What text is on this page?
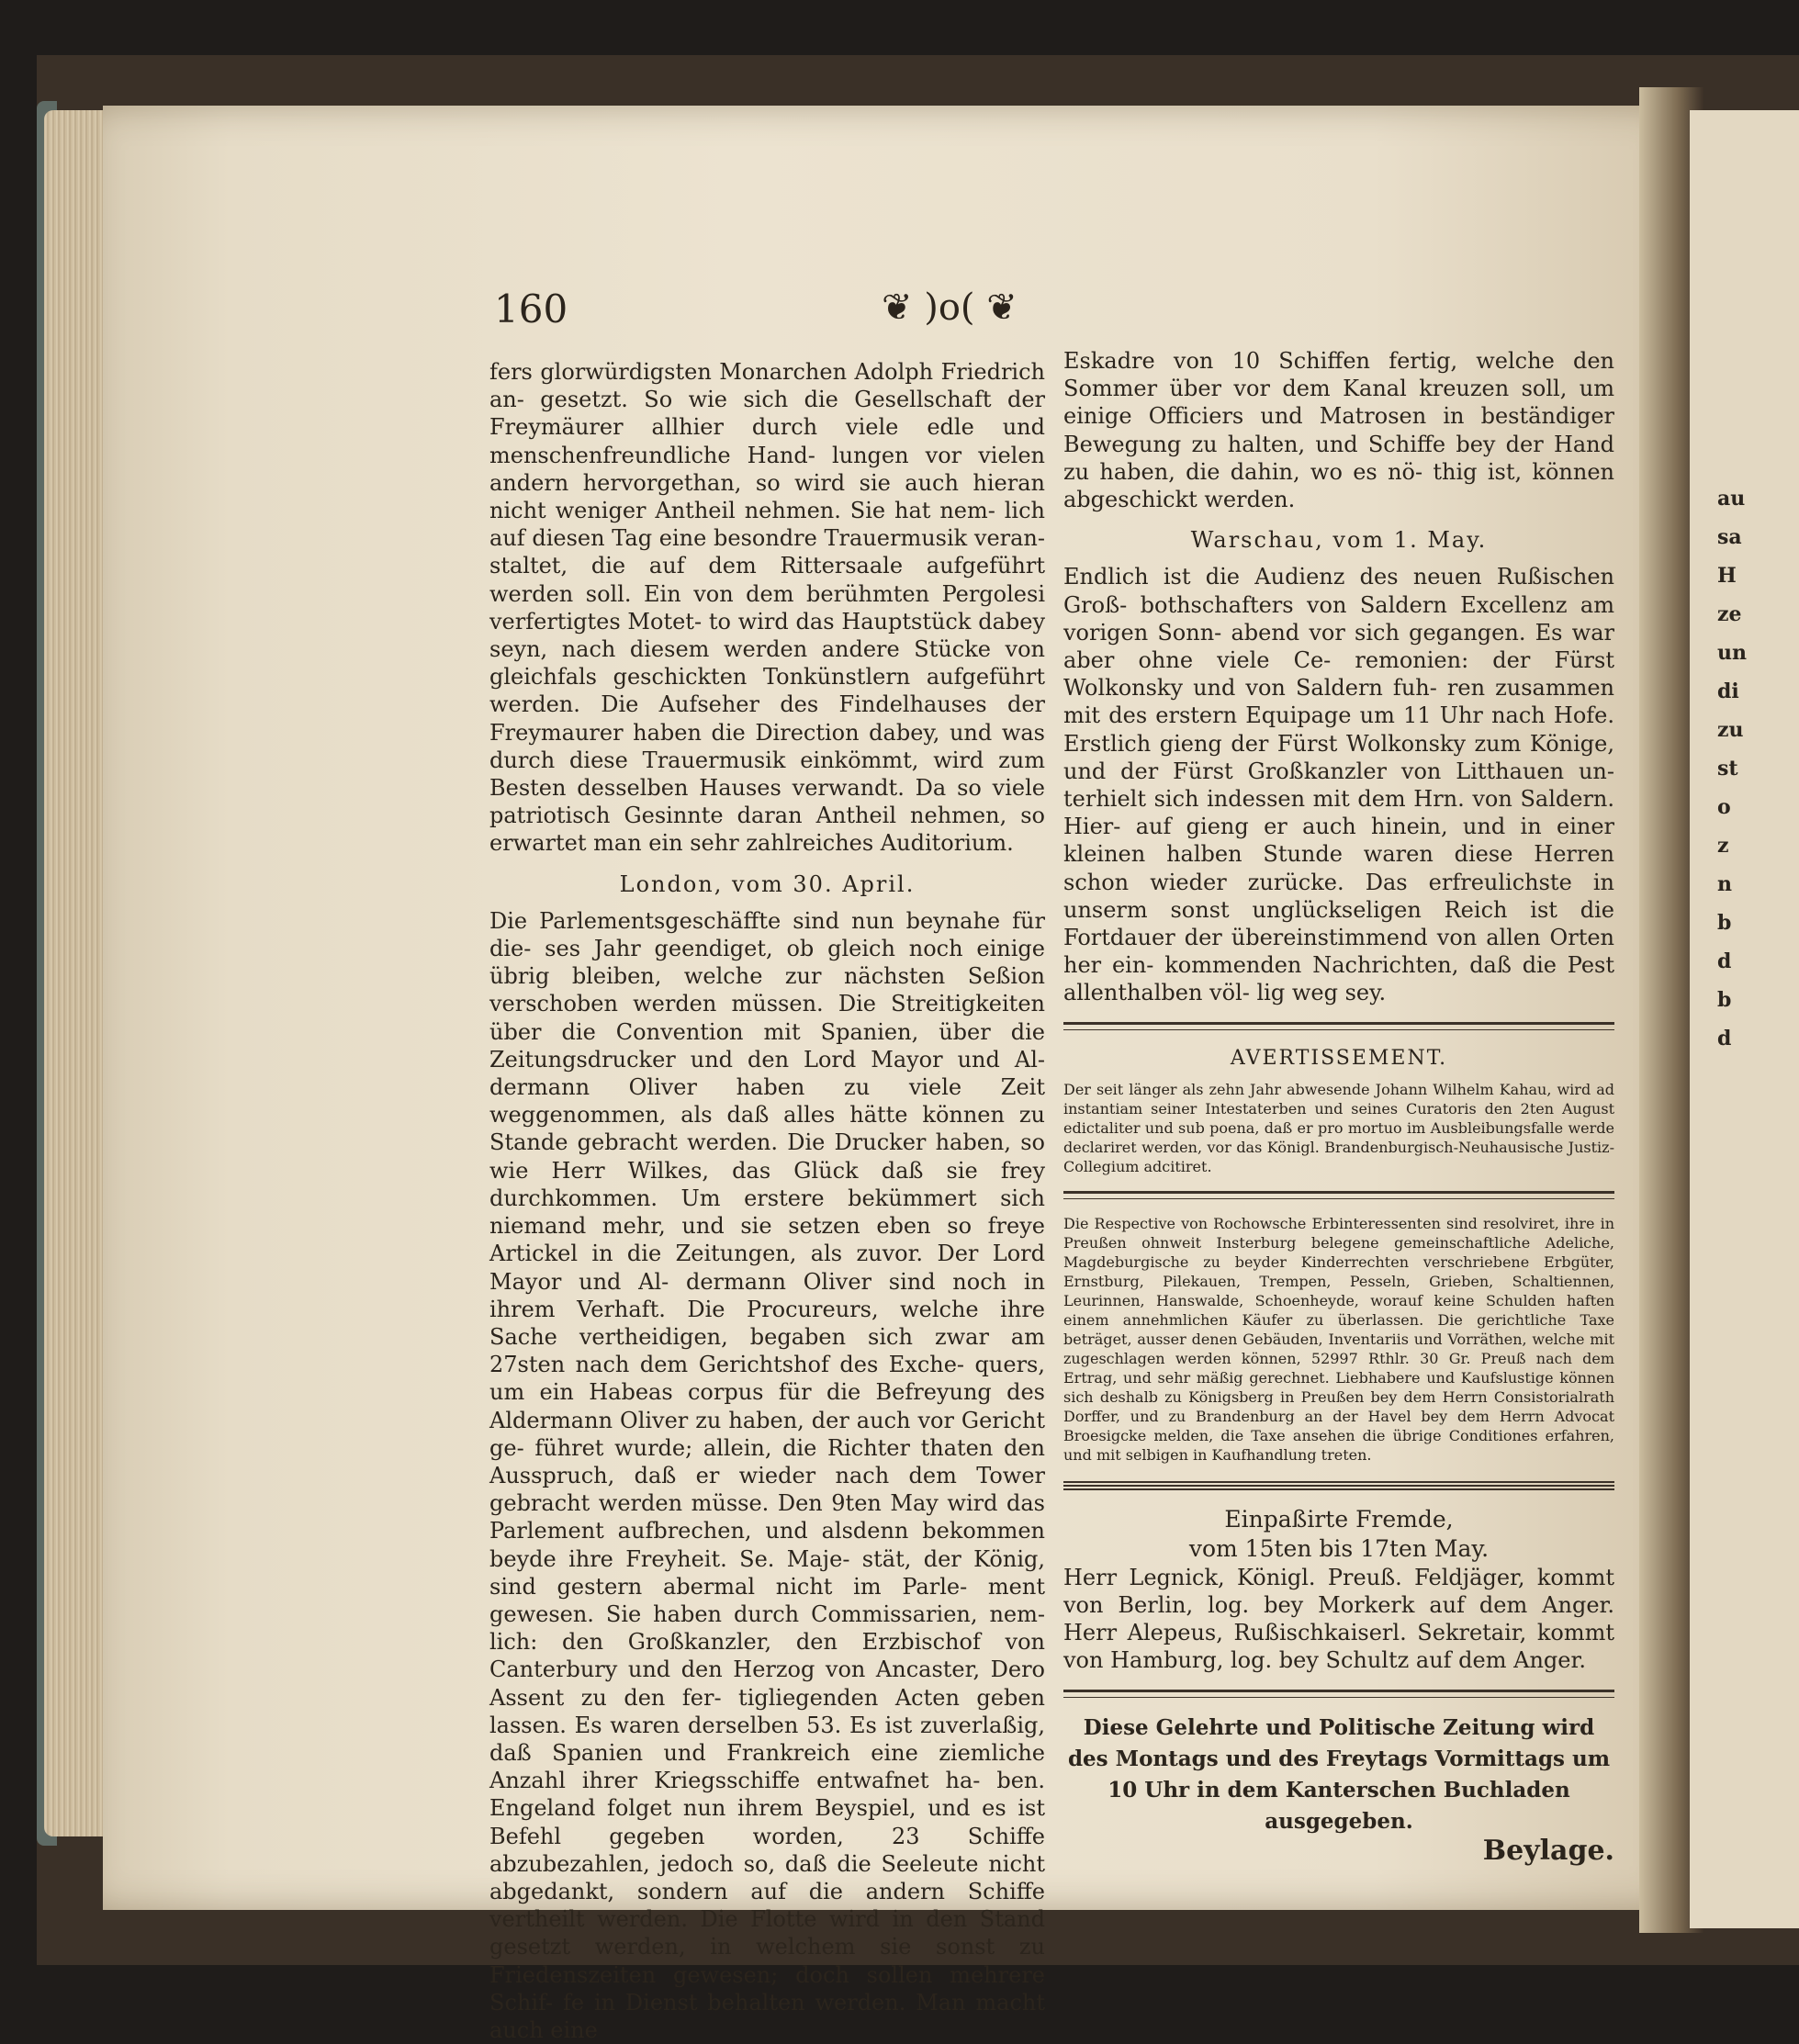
au
sa
H
ze
un
di
zu
st
o
z
n
b
d
b
d
160	❦ )o( ❦

fers glorwürdigsten Monarchen Adolph Friedrich an- gesetzt. So wie sich die Gesellschaft der Freymäurer allhier durch viele edle und menschenfreundliche Hand- lungen vor vielen andern hervorgethan, so wird sie auch hieran nicht weniger Antheil nehmen. Sie hat nem- lich auf diesen Tag eine besondre Trauermusik veran- staltet, die auf dem Rittersaale aufgeführt werden soll. Ein von dem berühmten Pergolesi verfertigtes Motet- to wird das Hauptstück dabey seyn, nach diesem werden andere Stücke von gleichfals geschickten Tonkünstlern aufgeführt werden. Die Aufseher des Findelhauses der Freymaurer haben die Direction dabey, und was durch diese Trauermusik einkömmt, wird zum Besten desselben Hauses verwandt. Da so viele patriotisch Gesinnte daran Antheil nehmen, so erwartet man ein sehr zahlreiches Auditorium.

London, vom 30. April.

Die Parlementsgeschäffte sind nun beynahe für die- ses Jahr geendiget, ob gleich noch einige übrig bleiben, welche zur nächsten Seßion verschoben werden müssen. Die Streitigkeiten über die Convention mit Spanien, über die Zeitungsdrucker und den Lord Mayor und Al- dermann Oliver haben zu viele Zeit weggenommen, als daß alles hätte können zu Stande gebracht werden. Die Drucker haben, so wie Herr Wilkes, das Glück daß sie frey durchkommen. Um erstere bekümmert sich niemand mehr, und sie setzen eben so freye Artickel in die Zeitungen, als zuvor. Der Lord Mayor und Al- dermann Oliver sind noch in ihrem Verhaft. Die Procureurs, welche ihre Sache vertheidigen, begaben sich zwar am 27sten nach dem Gerichtshof des Exche- quers, um ein Habeas corpus für die Befreyung des Aldermann Oliver zu haben, der auch vor Gericht ge- führet wurde; allein, die Richter thaten den Ausspruch, daß er wieder nach dem Tower gebracht werden müsse. Den 9ten May wird das Parlement aufbrechen, und alsdenn bekommen beyde ihre Freyheit. Se. Maje- stät, der König, sind gestern abermal nicht im Parle- ment gewesen. Sie haben durch Commissarien, nem- lich: den Großkanzler, den Erzbischof von Canterbury und den Herzog von Ancaster, Dero Assent zu den fer- tigliegenden Acten geben lassen. Es waren derselben 53. Es ist zuverlaßig, daß Spanien und Frankreich eine ziemliche Anzahl ihrer Kriegsschiffe entwafnet ha- ben. Engeland folget nun ihrem Beyspiel, und es ist Befehl gegeben worden, 23 Schiffe abzubezahlen, jedoch so, daß die Seeleute nicht abgedankt, sondern auf die andern Schiffe vertheilt werden. Die Flotte wird in den Stand gesetzt werden, in welchem sie sonst zu Friedenszeiten gewesen; doch sollen mehrere Schif- fe in Dienst behalten werden. Man macht auch eine

Eskadre von 10 Schiffen fertig, welche den Sommer über vor dem Kanal kreuzen soll, um einige Officiers und Matrosen in beständiger Bewegung zu halten, und Schiffe bey der Hand zu haben, die dahin, wo es nö- thig ist, können abgeschickt werden.

Warschau, vom 1. May.

Endlich ist die Audienz des neuen Rußischen Groß- bothschafters von Saldern Excellenz am vorigen Sonn- abend vor sich gegangen. Es war aber ohne viele Ce- remonien: der Fürst Wolkonsky und von Saldern fuh- ren zusammen mit des erstern Equipage um 11 Uhr nach Hofe. Erstlich gieng der Fürst Wolkonsky zum Könige, und der Fürst Großkanzler von Litthauen un- terhielt sich indessen mit dem Hrn. von Saldern. Hier- auf gieng er auch hinein, und in einer kleinen halben Stunde waren diese Herren schon wieder zurücke. Das erfreulichste in unserm sonst unglückseligen Reich ist die Fortdauer der übereinstimmend von allen Orten her ein- kommenden Nachrichten, daß die Pest allenthalben völ- lig weg sey.

AVERTISSEMENT.

Der seit länger als zehn Jahr abwesende Johann Wilhelm Kahau, wird ad instantiam seiner Intestaterben und seines Curatoris den 2ten August edictaliter und sub poena, daß er pro mortuo im Ausbleibungsfalle werde declariret werden, vor das Königl. Brandenburgisch-Neuhausische Justiz-Collegium adcitiret.

Die Respective von Rochowsche Erbinteressenten sind resolviret, ihre in Preußen ohnweit Insterburg belegene gemeinschaftliche Adeliche, Magdeburgische zu beyder Kinderrechten verschriebene Erbgüter, Ernstburg, Pilekauen, Trempen, Pesseln, Grieben, Schaltiennen, Leurinnen, Hanswalde, Schoenheyde, worauf keine Schulden haften einem annehmlichen Käufer zu überlassen. Die gerichtliche Taxe beträget, ausser denen Gebäuden, Inventariis und Vorräthen, welche mit zugeschlagen werden können, 52997 Rthlr. 30 Gr. Preuß nach dem Ertrag, und sehr mäßig gerechnet. Liebhabere und Kaufslustige können sich deshalb zu Königsberg in Preußen bey dem Herrn Consistorialrath Dorffer, und zu Brandenburg an der Havel bey dem Herrn Advocat Broesigcke melden, die Taxe ansehen die übrige Conditiones erfahren, und mit selbigen in Kaufhandlung treten.

Einpaßirte Fremde,
vom 15ten bis 17ten May.

Herr Legnick, Königl. Preuß. Feldjäger, kommt von Berlin, log. bey Morkerk auf dem Anger. Herr Alepeus, Rußischkaiserl. Sekretair, kommt von Hamburg, log. bey Schultz auf dem Anger.

Diese Gelehrte und Politische Zeitung wird des Montags und des Freytags Vormittags um 10 Uhr in dem Kanterschen Buchladen ausgegeben.
Beylage.
